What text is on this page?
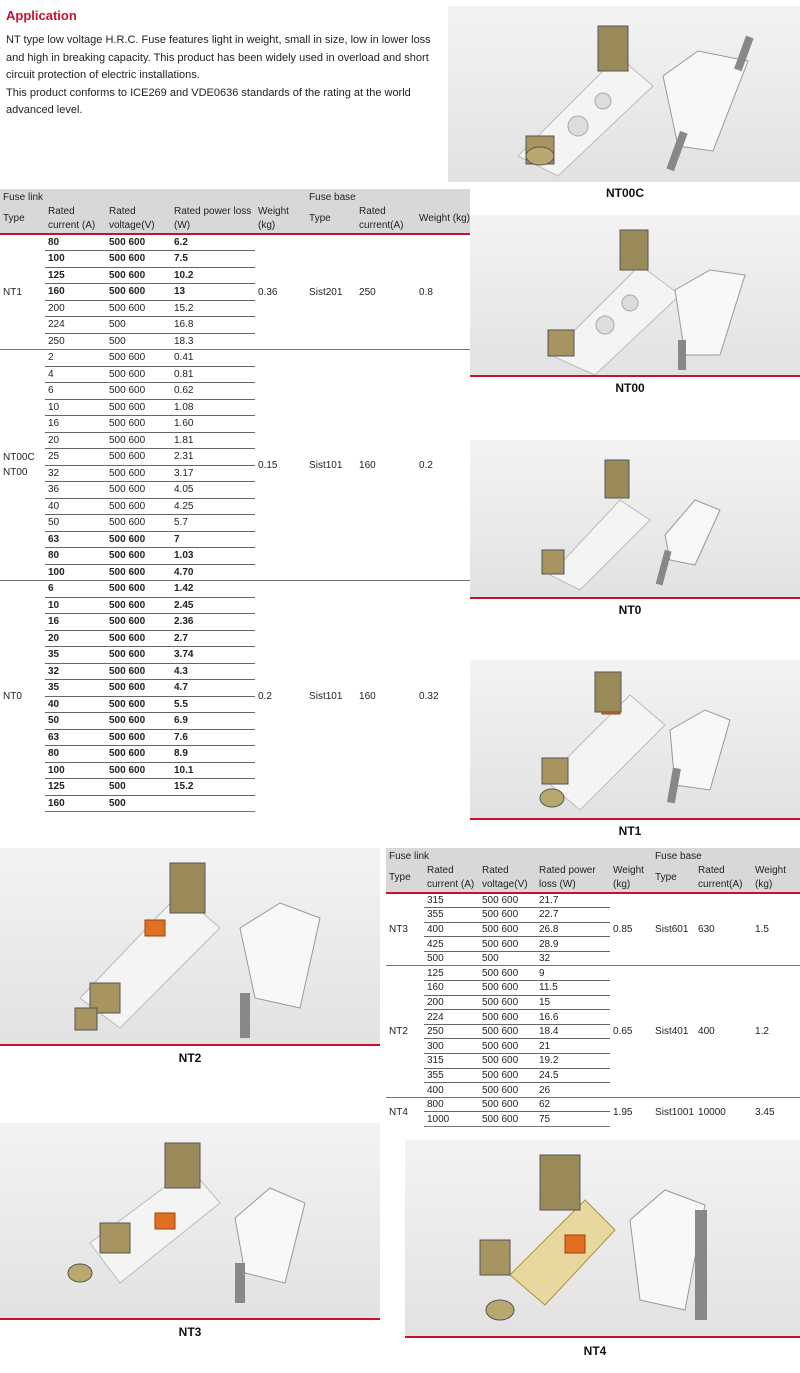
Application

NT type low voltage H.R.C. Fuse features light in weight, small in size, low in lower loss and high in breaking capacity. This product has been widely used in overload and short circuit protection of electric installations.

This product conforms to ICE269 and VDE0636 standards of the rating at the world advanced level.

NT00C
NT00
NT0
NT1
NT2
NT3
NT4
Fuse link					Fuse base		
Type	Rated current (A)	Rated voltage(V)	Rated power loss (W)	Weight (kg)	Type	Rated current(A)	Weight (kg)
NT1	80	500 600	6.2	0.36	Sist201	250	0.8
	100	500 600	7.5				
	125	500 600	10.2				
	160	500 600	13				
	200	500 600	15.2				
	224	500	16.8				
	250	500	18.3				
NT00C NT00	2	500 600	0.41	0.15	Sist101	160	0.2
	4	500 600	0.81				
	6	500 600	0.62				
	10	500 600	1.08				
	16	500 600	1.60				
	20	500 600	1.81				
	25	500 600	2.31				
	32	500 600	3.17				
	36	500 600	4.05				
	40	500 600	4.25				
	50	500 600	5.7				
	63	500 600	7				
	80	500 600	1.03				
	100	500 600	4.70				
NT0	6	500 600	1.42	0.2	Sist101	160	0.32
	10	500 600	2.45				
	16	500 600	2.36				
	20	500 600	2.7				
	35	500 600	3.74				
	32	500 600	4.3				
	35	500 600	4.7				
	40	500 600	5.5				
	50	500 600	6.9				
	63	500 600	7.6				
	80	500 600	8.9				
	100	500 600	10.1				
	125	500	15.2				
	160	500					
Fuse link					Fuse base		
Type	Rated current (A)	Rated voltage(V)	Rated power loss (W)	Weight (kg)	Type	Rated current(A)	Weight (kg)
NT3	315	500 600	21.7	0.85	Sist601	630	1.5
	355	500 600	22.7				
	400	500 600	26.8				
	425	500 600	28.9				
	500	500	32				
NT2	125	500 600	9	0.65	Sist401	400	1.2
	160	500 600	11.5				
	200	500 600	15				
	224	500 600	16.6				
	250	500 600	18.4				
	300	500 600	21				
	315	500 600	19.2				
	355	500 600	24.5				
	400	500 600	26				
NT4	800	500 600	62	1.95	Sist1001	10000	3.45
	1000	500 600	75				
